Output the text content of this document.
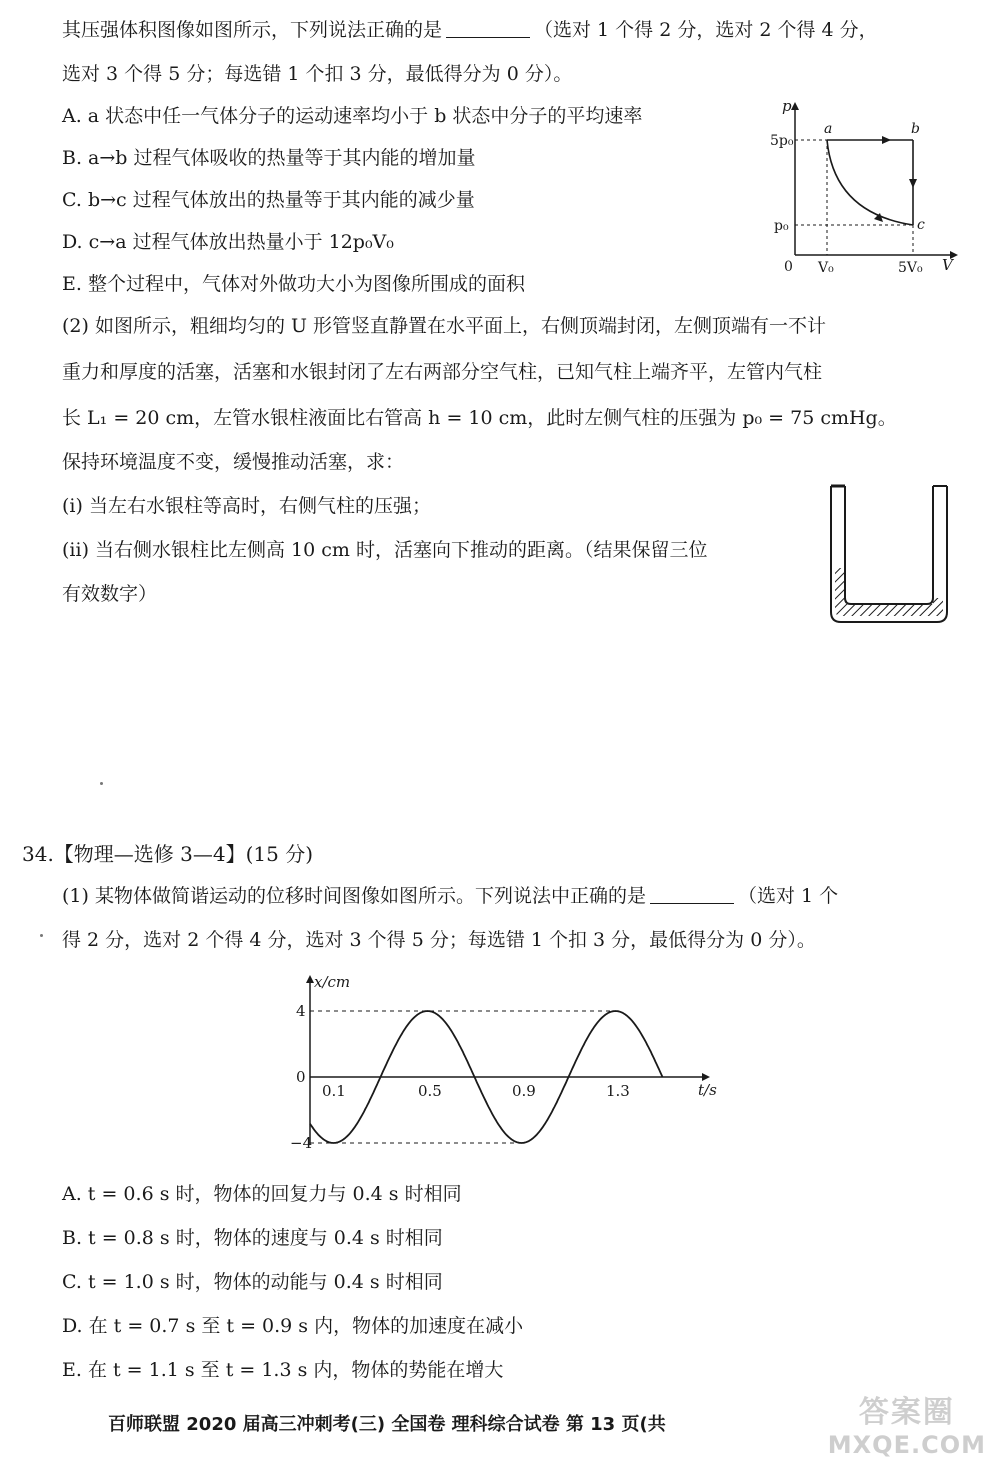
其压强体积图像如图所示，下列说法正确的是	（选对 1 个得 2 分，选对 2 个得 4 分，
选对 3 个得 5 分；每选错 1 个扣 3 分，最低得分为 0 分）。
A. a 状态中任一气体分子的运动速率均小于 b 状态中分子的平均速率
B. a→b 过程气体吸收的热量等于其内能的增加量
C. b→c 过程气体放出的热量等于其内能的减少量
D. c→a 过程气体放出热量小于 12p₀V₀
E. 整个过程中，气体对外做功大小为图像所围成的面积
p
V
0
5p₀
p₀
V₀	5V₀
a	b
c
(2) 如图所示，粗细均匀的 U 形管竖直静置在水平面上，右侧顶端封闭，左侧顶端有一不计
重力和厚度的活塞，活塞和水银封闭了左右两部分空气柱，已知气柱上端齐平，左管内气柱
长 L₁ = 20 cm，左管水银柱液面比右管高 h = 10 cm，此时左侧气柱的压强为 p₀ = 75 cmHg。
保持环境温度不变，缓慢推动活塞，求：
(i) 当左右水银柱等高时，右侧气柱的压强；
(ii) 当右侧水银柱比左侧高 10 cm 时，活塞向下推动的距离。（结果保留三位
有效数字）
34.【物理—选修 3—4】(15 分)
(1) 某物体做简谐运动的位移时间图像如图所示。下列说法中正确的是	（选对 1 个
得 2 分，选对 2 个得 4 分，选对 3 个得 5 分；每选错 1 个扣 3 分，最低得分为 0 分）。
x/cm
t/s
4
0
−4
0.1	0.5	0.9	1.3
A. t = 0.6 s 时，物体的回复力与 0.4 s 时相同
B. t = 0.8 s 时，物体的速度与 0.4 s 时相同
C. t = 1.0 s 时，物体的动能与 0.4 s 时相同
D. 在 t = 0.7 s 至 t = 0.9 s 内，物体的加速度在减小
E. 在 t = 1.1 s 至 t = 1.3 s 内，物体的势能在增大
百师联盟 2020 届高三冲刺考(三) 全国卷 理科综合试卷 第 13 页(共	答案圈
MXQE.COM
